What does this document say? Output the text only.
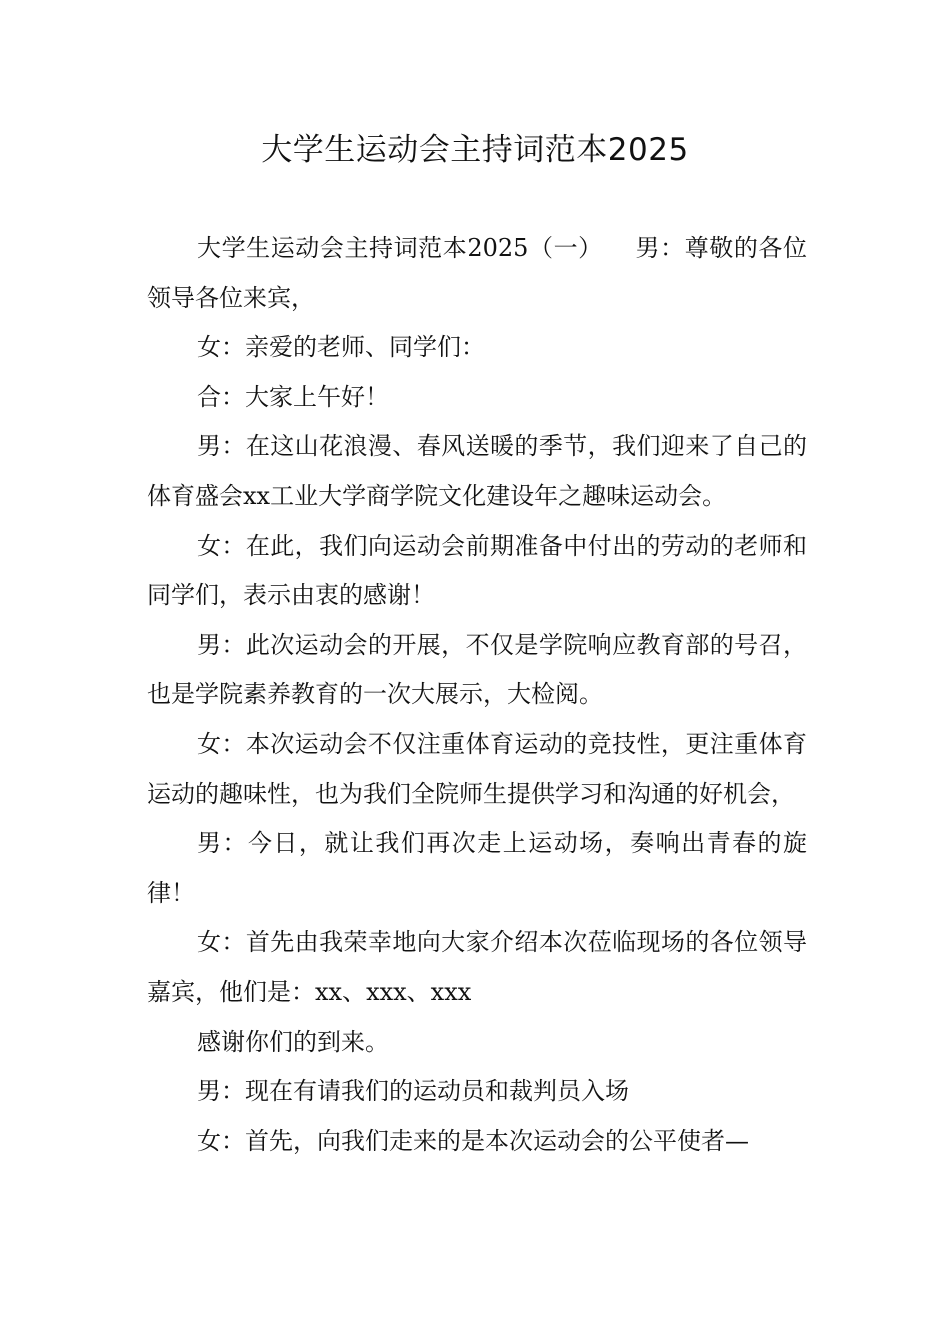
大学生运动会主持词范本2025

大学生运动会主持词范本2025（一）    男：尊敬的各位领导各位来宾，

女：亲爱的老师、同学们：

合：大家上午好！

男：在这山花浪漫、春风送暖的季节，我们迎来了自己的体育盛会xx工业大学商学院文化建设年之趣味运动会。

女：在此，我们向运动会前期准备中付出的劳动的老师和同学们，表示由衷的感谢！

男：此次运动会的开展，不仅是学院响应教育部的号召，也是学院素养教育的一次大展示，大检阅。

女：本次运动会不仅注重体育运动的竞技性，更注重体育运动的趣味性，也为我们全院师生提供学习和沟通的好机会，

男：今日，就让我们再次走上运动场，奏响出青春的旋律！

女：首先由我荣幸地向大家介绍本次莅临现场的各位领导嘉宾，他们是：xx、xxx、xxx

感谢你们的到来。

男：现在有请我们的运动员和裁判员入场

女：首先，向我们走来的是本次运动会的公平使者—
